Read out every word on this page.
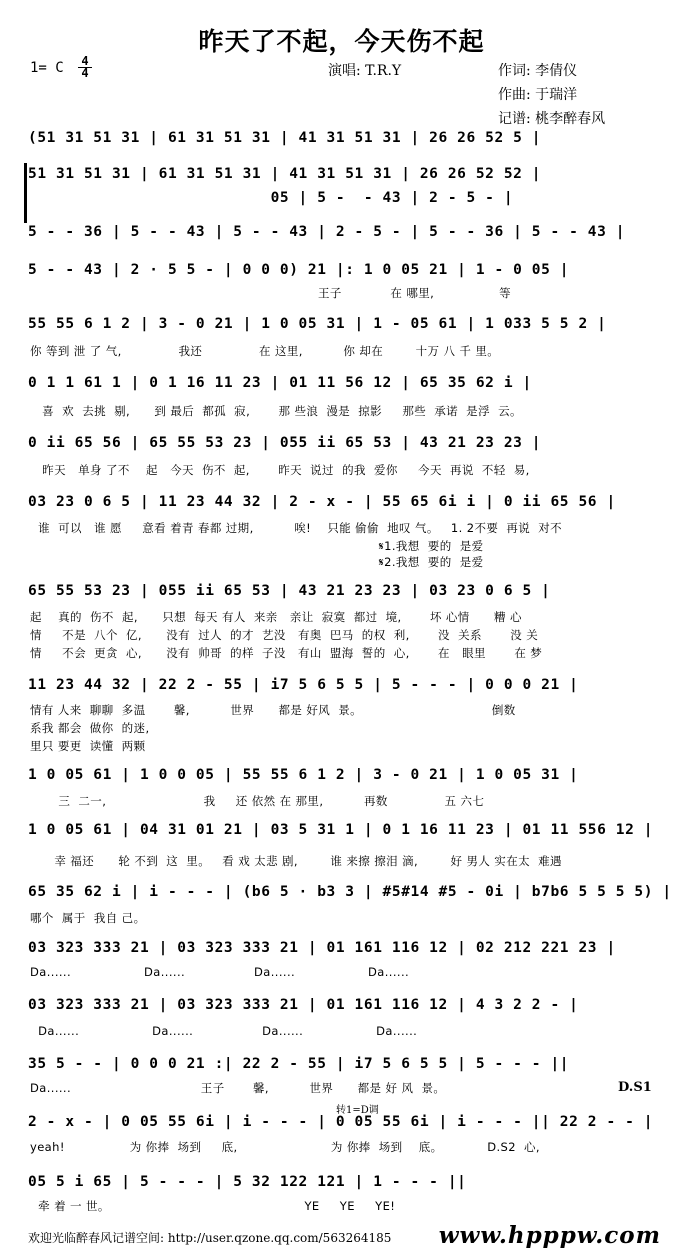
昨天了不起，今天伤不起
1= C 4
4	演唱: T.R.Y	作词: 李倩仪
作曲: 于瑞洋
记谱: 桃李醉春风
(51 31 51 31 | 61 31 51 31 | 41 31 51 31 | 26 26 52 5 |
51 31 51 31 | 61 31 51 31 | 41 31 51 31 | 26 26 52 52 |
05 | 5 -  - 43 | 2 - 5 - |
5 - - 36 | 5 - - 43 | 5 - - 43 | 2 - 5 - | 5 - - 36 | 5 - - 43 |
5 - - 43 | 2 · 5 5 - | 0 0 0) 21 |: 1 0 05 21 | 1 - 0 05 |
55 55 6 1 2 | 3 - 0 21 | 1 0 05 31 | 1 - 05 61 | 1 033 5 5 2 |
0 1 1 61 1 | 0 1 16 11 23 | 01 11 56 12 | 65 35 62 i |
0 ii 65 56 | 65 55 53 23 | 055 ii 65 53 | 43 21 23 23 |
03 23 0 6 5 | 11 23 44 32 | 2 - x - | 55 65 6i i | 0 ii 65 56 |
65 55 53 23 | 055 ii 65 53 | 43 21 23 23 | 03 23 0 6 5 |
11 23 44 32 | 22 2 - 55 | i7 5 6 5 5 | 5 - - - | 0 0 0 21 |
1 0 05 61 | 1 0 0 05 | 55 55 6 1 2 | 3 - 0 21 | 1 0 05 31 |
1 0 05 61 | 04 31 01 21 | 03 5 31 1 | 0 1 16 11 23 | 01 11 556 12 |
65 35 62 i | i - - - | (b6 5 · b3 3 | #5#14 #5 - 0i | b7b6 5 5 5 5) |
03 323 333 21 | 03 323 333 21 | 01 161 116 12 | 02 212 221 23 |
03 323 333 21 | 03 323 333 21 | 01 161 116 12 | 4 3 2 2 - |
35 5 - - | 0 0 0 21 :| 22 2 - 55 | i7 5 6 5 5 | 5 - - - ||
2 - x - | 0 05 55 6i | i - - - | 0 05 55 6i | i - - - || 22 2 - - |
05 5 i 65 | 5 - - - | 5 32 122 121 | 1 - - - ||
王子            在 哪里,                等
你 等到 泄 了 气,              我还              在 这里,          你 却在        十万 八 千 里。
喜  欢  去挑  剔,      到 最后  都孤  寂,       那 些浪  漫是  掠影     那些  承诺  是浮  云。
昨天   单身 了不    起   今天  伤不  起,       昨天  说过  的我  爱你     今天  再说  不轻  易,
谁  可以   谁 愿     意看 着青 春都 过期,          唉!    只能 偷偷  地叹 气。   1. 2不要  再说  对不
𝄋1.我想  要的  是爱
𝄋2.我想  要的  是爱
起    真的  伤不  起,      只想  每天 有人  来亲   亲让  寂寞  都过  境,       坏 心情      糟 心
情     不是  八个  亿,      没有  过人  的才  艺没   有奥  巴马  的权  利,       没  关系       没 关
情     不会  更贪  心,      没有  帅哥  的样  子没   有山  盟海  誓的  心,       在   眼里       在 梦
情有 人来  聊聊  多温       馨,          世界      都是 好风  景。                                倒数
系我 都会  做你  的迷,
里只 要更  读懂  两颗
三  二一,                        我     还 依然 在 那里,          再数              五 六七
幸 福还      轮 不到  这  里。   看 戏 太悲 剧,        谁 来擦 擦泪 滴,        好 男人 实在太  难遇
哪个  属于  我自 己。
Da......                  Da......                 Da......                  Da......
Da......                  Da......                 Da......                  Da......
Da......                                王子       馨,          世界      都是 好 风  景。
yeah!                为 你捧  场到     底,                       为 你捧  场到    底。           D.S2  心,
牵 着 一 世。                                                YE     YE     YE!
D.S1
转1=D调
欢迎光临醉春风记谱空间: http://user.qzone.qq.com/563264185 www.hpppw.com
